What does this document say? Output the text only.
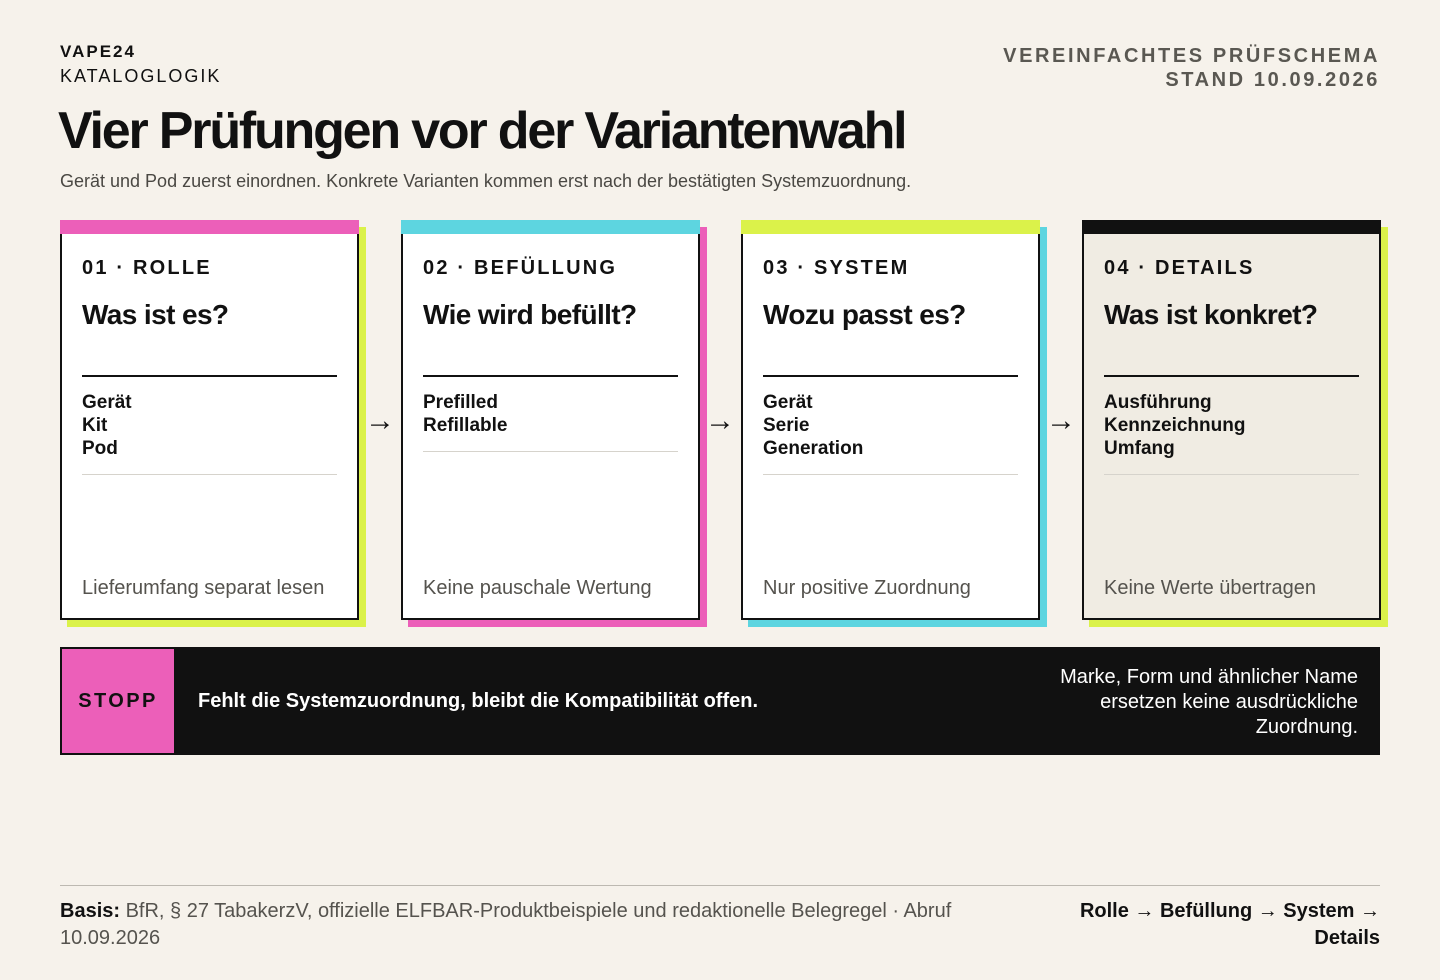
VAPE24
KATALOGLOGIK
VEREINFACHTES PRÜFSCHEMA
STAND 10.09.2026
Vier Prüfungen vor der Variantenwahl

Gerät und Pod zuerst einordnen. Konkrete Varianten kommen erst nach der bestätigten Systemzuordnung.

01 · ROLLE
Was ist es?
Gerät
Kit
Pod
Lieferumfang separat lesen
→
02 · BEFÜLLUNG
Wie wird befüllt?
Prefilled
Refillable
Keine pauschale Wertung
→
03 · SYSTEM
Wozu passt es?
Gerät
Serie
Generation
Nur positive Zuordnung
→
04 · DETAILS
Was ist konkret?
Ausführung
Kennzeichnung
Umfang
Keine Werte übertragen
STOPP	Fehlt die Systemzuordnung, bleibt die Kompatibilität offen.
Marke, Form und ähnlicher Name ersetzen keine ausdrückliche Zuordnung.
Basis: BfR, § 27 TabakerzV, offizielle ELFBAR-Produktbeispiele und redaktionelle Belegregel · Abruf 10.09.2026
Rolle → Befüllung → System → Details
